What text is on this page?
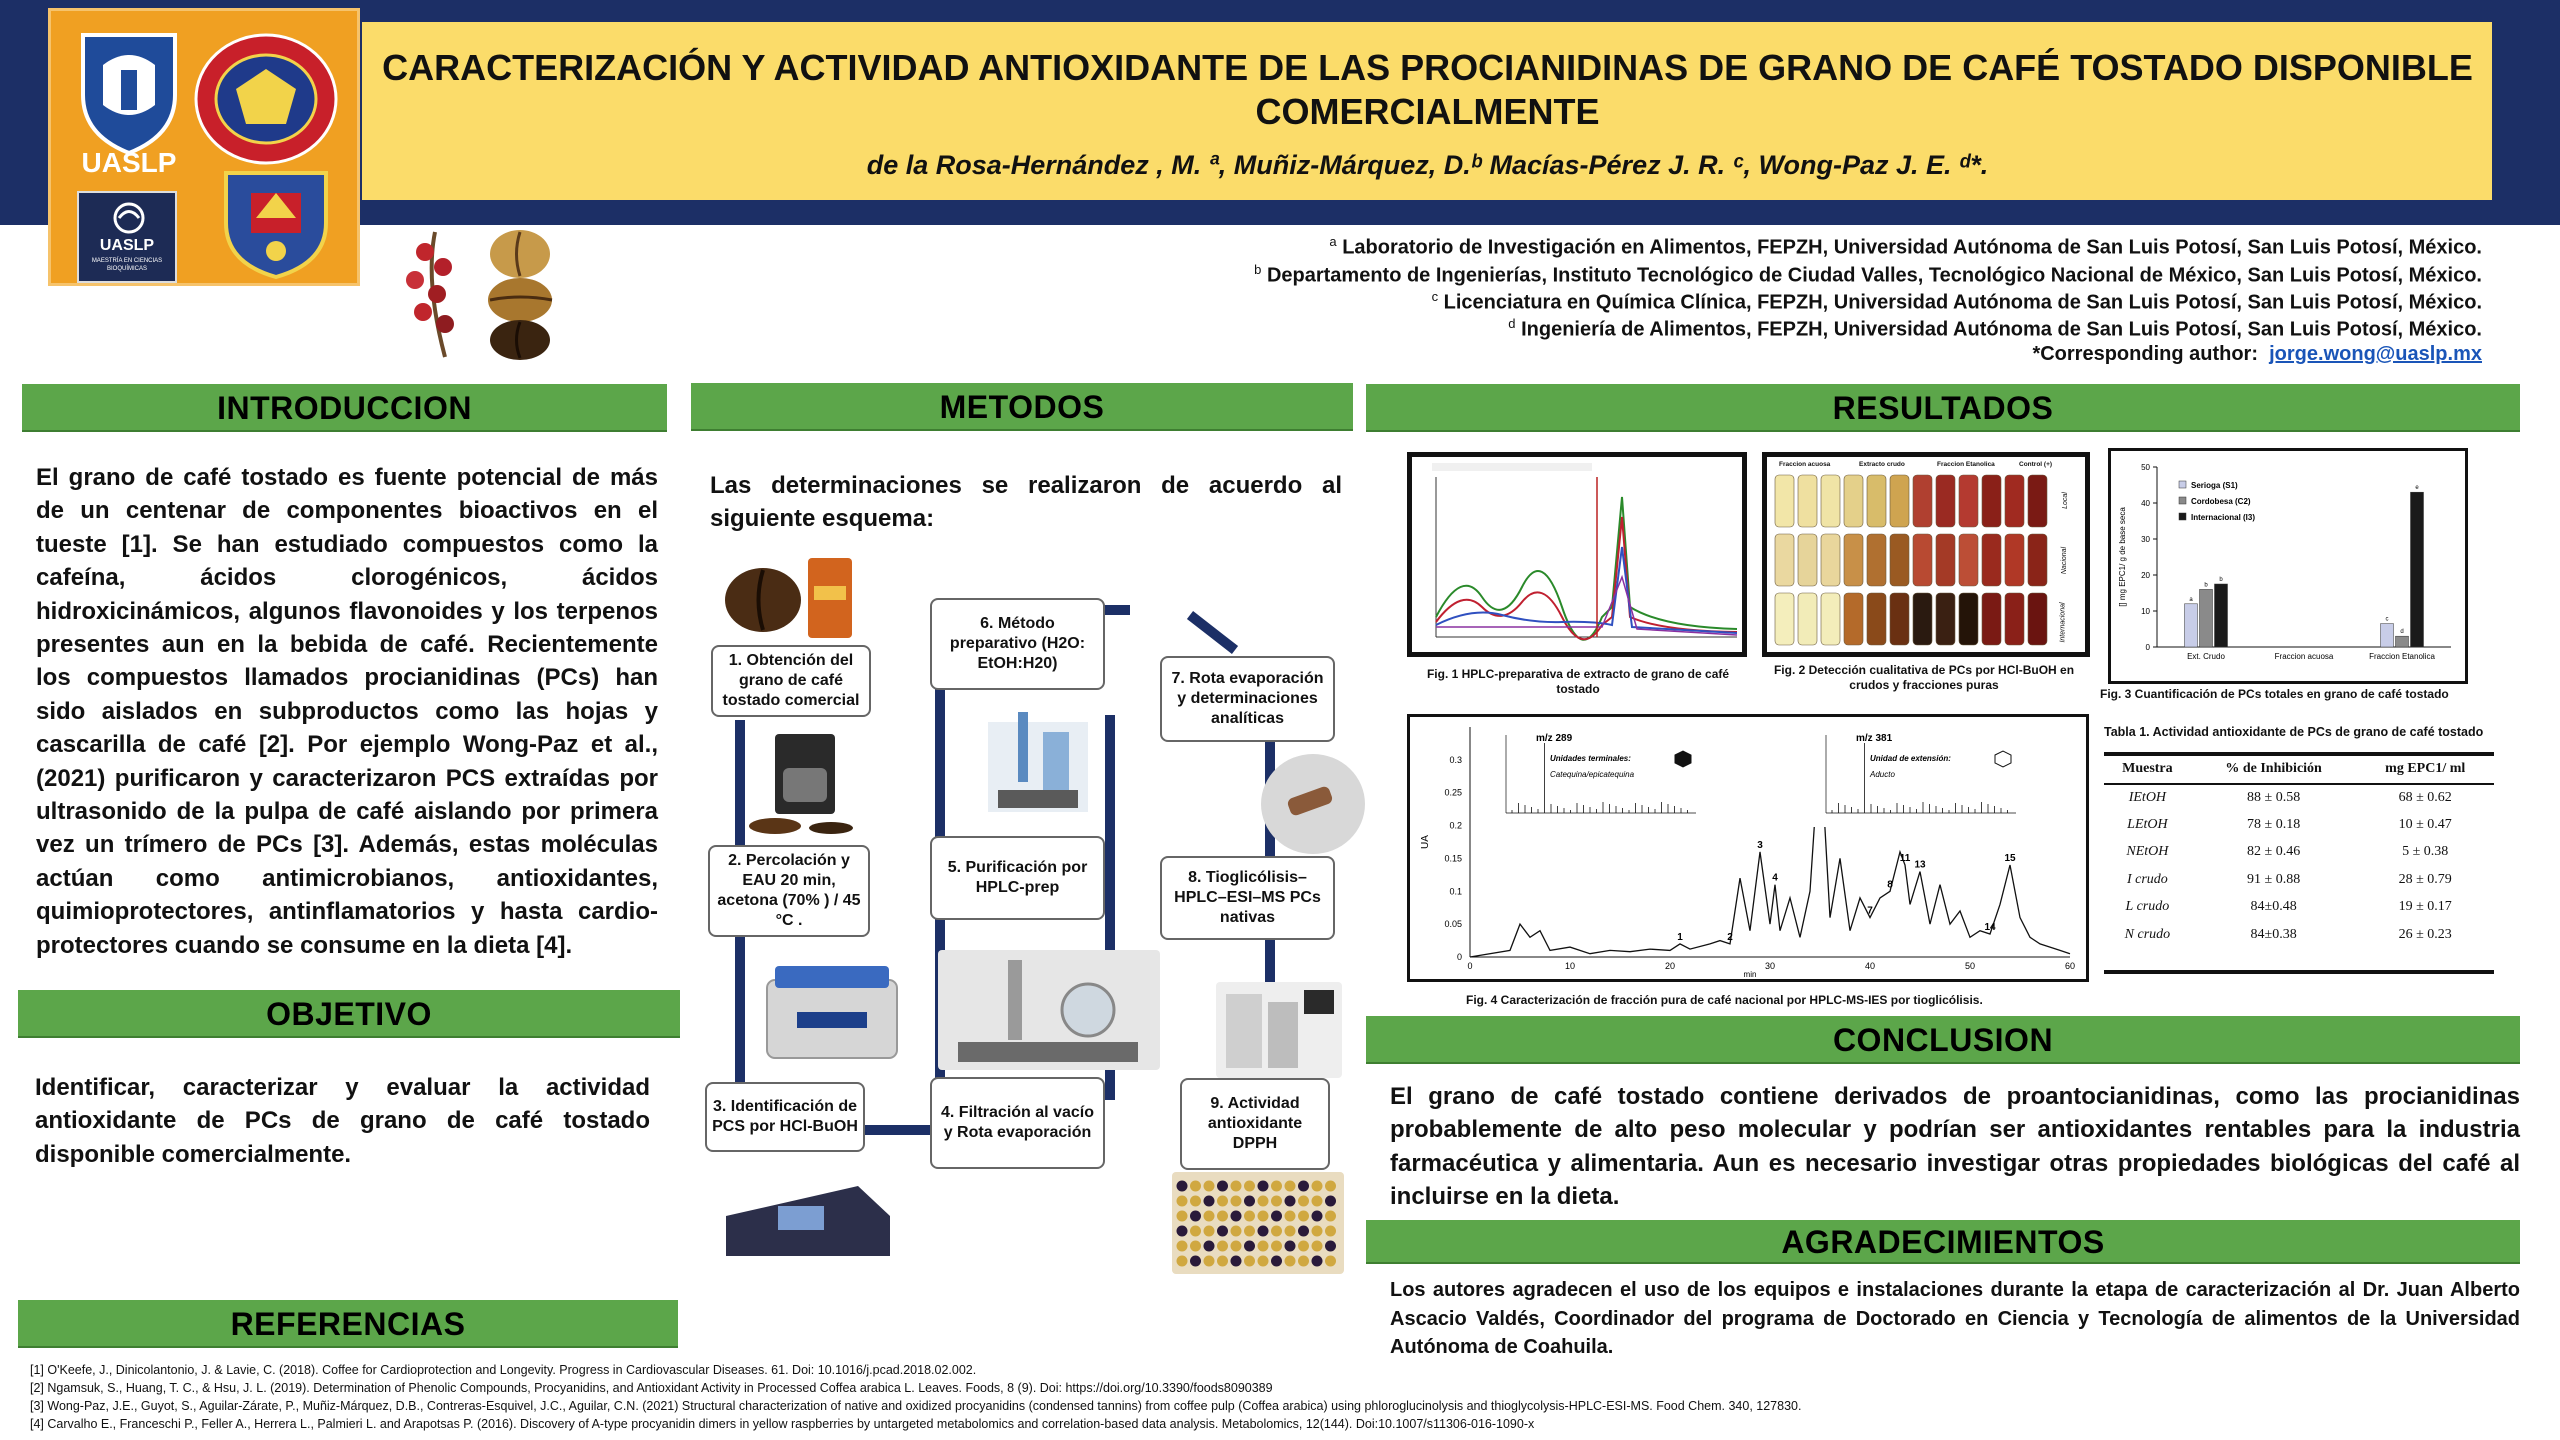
UASLP
UASLP
MAESTRÍA EN CIENCIAS BIOQUÍMICAS
CARACTERIZACIÓN Y ACTIVIDAD ANTIOXIDANTE DE LAS PROCIANIDINAS DE GRANO DE CAFÉ TOSTADO DISPONIBLE
COMERCIALMENTE
de la Rosa-Hernández , M. ª, Muñiz-Márquez, D.ᵇ Macías-Pérez J. R. ᶜ, Wong-Paz J. E. ᵈ*.
$^a$ Laboratorio de Investigación en Alimentos, FEPZH, Universidad Autónoma de San Luis Potosí, San Luis Potosí, México.
$^b$ Departamento de Ingenierías, Instituto Tecnológico de Ciudad Valles, Tecnológico Nacional de México, San Luis Potosí, México.
$^c$ Licenciatura en Química Clínica, FEPZH, Universidad Autónoma de San Luis Potosí, San Luis Potosí, México.
$^d$ Ingeniería de Alimentos, FEPZH, Universidad Autónoma de San Luis Potosí, San Luis Potosí, México.
*Corresponding author: jorge.wong@uaslp.mx
INTRODUCCION
El grano de café tostado es fuente potencial de más de un centenar de componentes bioactivos en el tueste [1]. Se han estudiado compuestos como la cafeína, ácidos clorogénicos, ácidos hidroxicinámicos, algunos flavonoides y los terpenos presentes aun en la bebida de café. Recientemente los compuestos llamados procianidinas (PCs) han sido aislados en subproductos como las hojas y cascarilla de café [2]. Por ejemplo Wong-Paz et al., (2021) purificaron y caracterizaron PCS extraídas por ultrasonido de la pulpa de café aislando por primera vez un trímero de PCs [3]. Además, estas moléculas actúan como antimicrobianos, antioxidantes, quimioprotectores, antinflamatorios y hasta cardio-protectores cuando se consume en la dieta [4].
OBJETIVO
Identificar, caracterizar y evaluar la actividad antioxidante de PCs de grano de café tostado disponible comercialmente.
REFERENCIAS
METODOS
Las determinaciones se realizaron de acuerdo al siguiente esquema:
1. Obtención del grano de café tostado comercial
2. Percolación y EAU 20 min, acetona (70% ) / 45 °C .
3. Identificación de PCS por HCl-BuOH
4. Filtración al vacío y Rota evaporación
5. Purificación por HPLC-prep
6. Método preparativo (H2O: EtOH:H20)
7. Rota evaporación y determinaciones analíticas
8. Tioglicólisis–HPLC–ESI–MS PCs nativas
9. Actividad antioxidante DPPH
RESULTADOS
Fig. 1 HPLC-preparativa de extracto de grano de café tostado
Fraccion acuosa	Extracto crudo	Fraccion Etanolica	Control (+)
Local
Nacional
Internacional
Fig. 2 Detección cualitativa de PCs por HCl-BuOH en crudos y fracciones puras
0
10
20
30
40
50
[] mg EPC1/ g de base seca
Ext. Crudo
a
b
b
Fraccion acuosa	Fraccion Etanolica
c
d
e
Serioga (S1)
Cordobesa (C2)
Internacional (I3)
Fig. 3 Cuantificación de PCs totales en grano de café tostado
0
0.05
0.1
0.15
0.2
0.25
0.3
0	10	20	30	40	50	60
UA
min
1	2
3
4
7
8
11
13
14
15
m/z 289
Unidades terminales:
Catequina/epicatequina
m/z 381
Unidad de extensión:
Aducto
Fig. 4 Caracterización de fracción pura de café nacional por HPLC-MS-IES por tioglicólisis.
Tabla 1. Actividad antioxidante de PCs de grano de café tostado
Muestra	% de Inhibición	mg EPC1/ ml
IEtOH	88 ± 0.58	68 ± 0.62
LEtOH	78 ± 0.18	10 ± 0.47
NEtOH	82 ± 0.46	5 ± 0.38
I crudo	91 ± 0.88	28 ± 0.79
L crudo	84±0.48	19 ± 0.17
N crudo	84±0.38	26 ± 0.23
CONCLUSION
El grano de café tostado contiene derivados de proantocianidinas, como las procianidinas probablemente de alto peso molecular y podrían ser antioxidantes rentables para la industria farmacéutica y alimentaria. Aun es necesario investigar otras propiedades biológicas del café al incluirse en la dieta.
AGRADECIMIENTOS
Los autores agradecen el uso de los equipos e instalaciones durante la etapa de caracterización al Dr. Juan Alberto Ascacio Valdés, Coordinador del programa de Doctorado en Ciencia y Tecnología de alimentos de la Universidad Autónoma de Coahuila.
[1] O'Keefe, J., Dinicolantonio, J. & Lavie, C. (2018). Coffee for Cardioprotection and Longevity. Progress in Cardiovascular Diseases. 61. Doi: 10.1016/j.pcad.2018.02.002.
[2] Ngamsuk, S., Huang, T. C., & Hsu, J. L. (2019). Determination of Phenolic Compounds, Procyanidins, and Antioxidant Activity in Processed Coffea arabica L. Leaves. Foods, 8 (9). Doi: https://doi.org/10.3390/foods8090389
[3] Wong-Paz, J.E., Guyot, S., Aguilar-Zárate, P., Muñiz-Márquez, D.B., Contreras-Esquivel, J.C., Aguilar, C.N. (2021) Structural characterization of native and oxidized procyanidins (condensed tannins) from coffee pulp (Coffea arabica) using phloroglucinolysis and thioglycolysis-HPLC-ESI-MS. Food Chem. 340, 127830.
[4] Carvalho E., Franceschi P., Feller A., Herrera L., Palmieri L. and Arapotsas P. (2016). Discovery of A-type procyanidin dimers in yellow raspberries by untargeted metabolomics and correlation-based data analysis. Metabolomics, 12(144). Doi:10.1007/s11306-016-1090-x
